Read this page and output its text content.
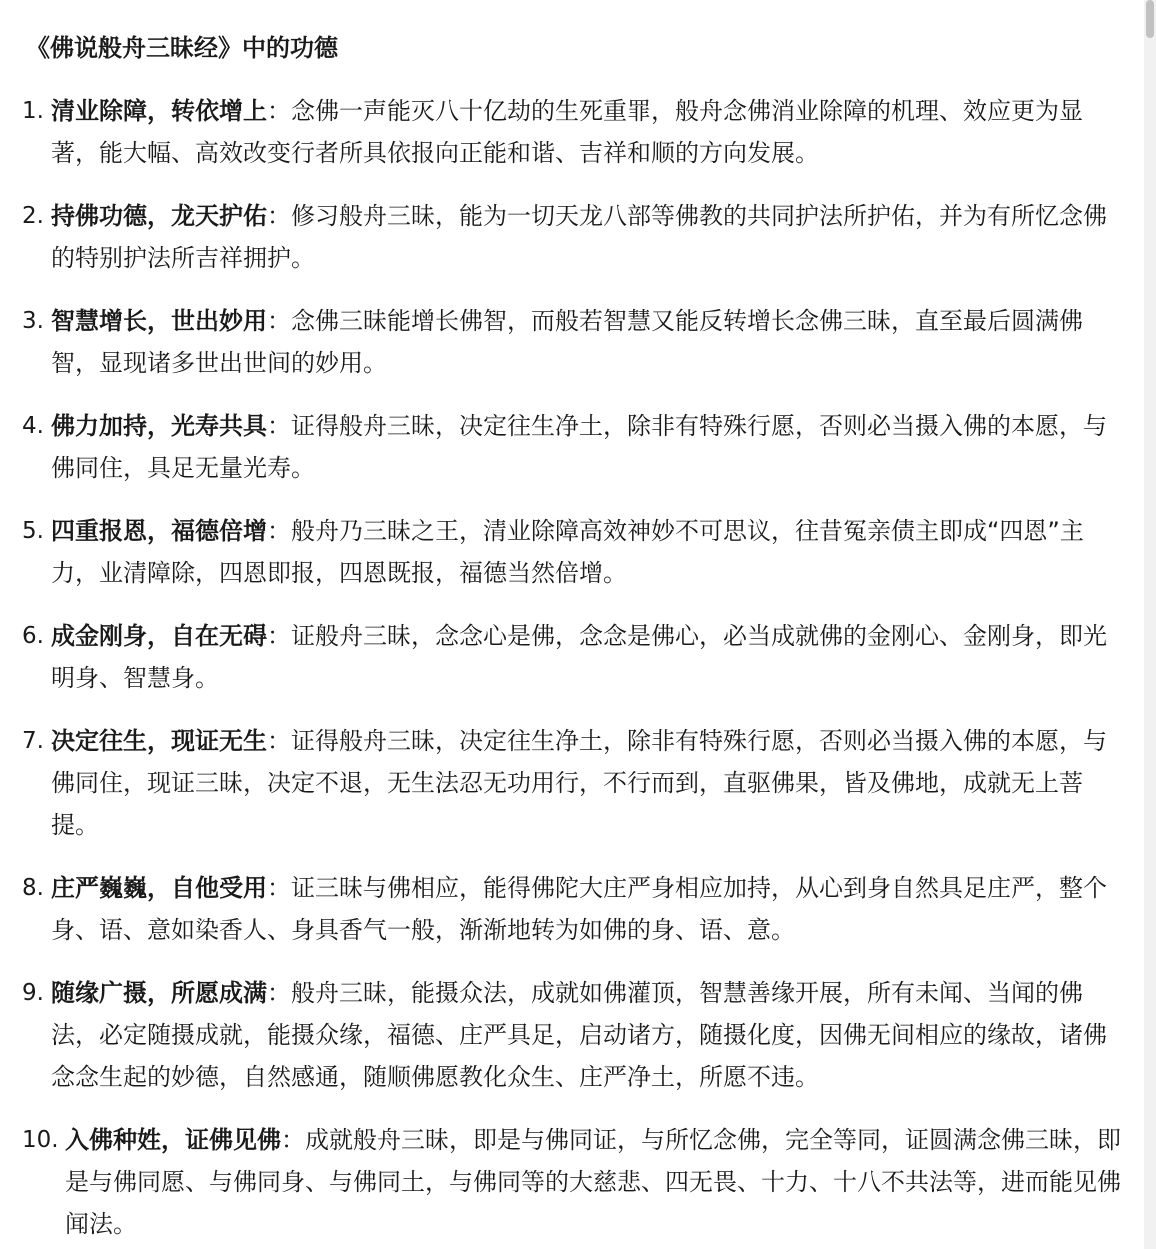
《佛说般舟三昧经》中的功德
1. 清业除障，转依增上：念佛一声能灭八十亿劫的生死重罪，般舟念佛消业除障的机理、效应更为显著，能大幅、高效改变行者所具依报向正能和谐、吉祥和顺的方向发展。
2. 持佛功德，龙天护佑：修习般舟三昧，能为一切天龙八部等佛教的共同护法所护佑，并为有所忆念佛的特别护法所吉祥拥护。
3. 智慧增长，世出妙用：念佛三昧能增长佛智，而般若智慧又能反转增长念佛三昧，直至最后圆满佛智，显现诸多世出世间的妙用。
4. 佛力加持，光寿共具：证得般舟三昧，决定往生净土，除非有特殊行愿，否则必当摄入佛的本愿，与佛同住，具足无量光寿。
5. 四重报恩，福德倍增：般舟乃三昧之王，清业除障高效神妙不可思议，往昔冤亲债主即成“四恩”主力，业清障除，四恩即报，四恩既报，福德当然倍增。
6. 成金刚身，自在无碍：证般舟三昧，念念心是佛，念念是佛心，必当成就佛的金刚心、金刚身，即光明身、智慧身。
7. 决定往生，现证无生：证得般舟三昧，决定往生净土，除非有特殊行愿，否则必当摄入佛的本愿，与佛同住，现证三昧，决定不退，无生法忍无功用行，不行而到，直驱佛果，皆及佛地，成就无上菩提。
8. 庄严巍巍，自他受用：证三昧与佛相应，能得佛陀大庄严身相应加持，从心到身自然具足庄严，整个身、语、意如染香人、身具香气一般，渐渐地转为如佛的身、语、意。
9. 随缘广摄，所愿成满：般舟三昧，能摄众法，成就如佛灌顶，智慧善缘开展，所有未闻、当闻的佛法，必定随摄成就，能摄众缘，福德、庄严具足，启动诸方，随摄化度，因佛无间相应的缘故，诸佛念念生起的妙德，自然感通，随顺佛愿教化众生、庄严净土，所愿不违。
10. 入佛种姓，证佛见佛：成就般舟三昧，即是与佛同证，与所忆念佛，完全等同，证圆满念佛三昧，即是与佛同愿、与佛同身、与佛同土，与佛同等的大慈悲、四无畏、十力、十八不共法等，进而能见佛闻法。
